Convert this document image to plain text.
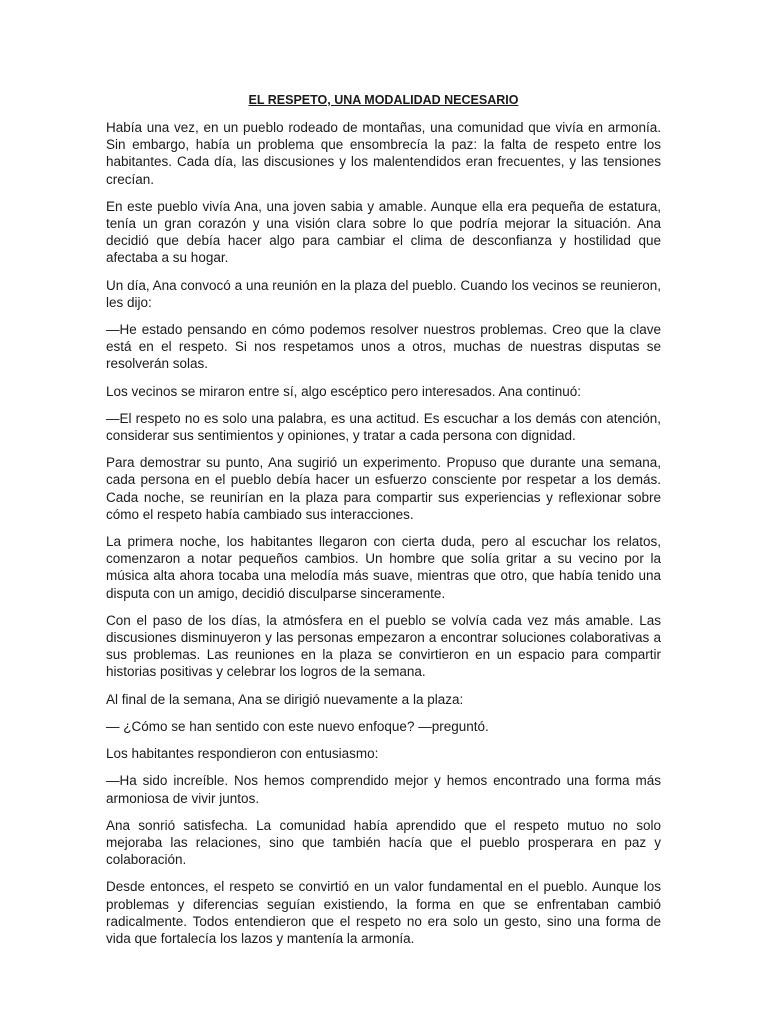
EL RESPETO, UNA MODALIDAD NECESARIO

Había una vez, en un pueblo rodeado de montañas, una comunidad que vivía en armonía. Sin embargo, había un problema que ensombrecía la paz: la falta de respeto entre los habitantes. Cada día, las discusiones y los malentendidos eran frecuentes, y las tensiones crecían.

En este pueblo vivía Ana, una joven sabia y amable. Aunque ella era pequeña de estatura, tenía un gran corazón y una visión clara sobre lo que podría mejorar la situación. Ana decidió que debía hacer algo para cambiar el clima de desconfianza y hostilidad que afectaba a su hogar.

Un día, Ana convocó a una reunión en la plaza del pueblo. Cuando los vecinos se reunieron, les dijo:

—He estado pensando en cómo podemos resolver nuestros problemas. Creo que la clave está en el respeto. Si nos respetamos unos a otros, muchas de nuestras disputas se resolverán solas.

Los vecinos se miraron entre sí, algo escéptico pero interesados. Ana continuó:

—El respeto no es solo una palabra, es una actitud. Es escuchar a los demás con atención, considerar sus sentimientos y opiniones, y tratar a cada persona con dignidad.

Para demostrar su punto, Ana sugirió un experimento. Propuso que durante una semana, cada persona en el pueblo debía hacer un esfuerzo consciente por respetar a los demás. Cada noche, se reunirían en la plaza para compartir sus experiencias y reflexionar sobre cómo el respeto había cambiado sus interacciones.

La primera noche, los habitantes llegaron con cierta duda, pero al escuchar los relatos, comenzaron a notar pequeños cambios. Un hombre que solía gritar a su vecino por la música alta ahora tocaba una melodía más suave, mientras que otro, que había tenido una disputa con un amigo, decidió disculparse sinceramente.

Con el paso de los días, la atmósfera en el pueblo se volvía cada vez más amable. Las discusiones disminuyeron y las personas empezaron a encontrar soluciones colaborativas a sus problemas. Las reuniones en la plaza se convirtieron en un espacio para compartir historias positivas y celebrar los logros de la semana.

Al final de la semana, Ana se dirigió nuevamente a la plaza:

— ¿Cómo se han sentido con este nuevo enfoque? —preguntó.

Los habitantes respondieron con entusiasmo:

—Ha sido increíble. Nos hemos comprendido mejor y hemos encontrado una forma más armoniosa de vivir juntos.

Ana sonrió satisfecha. La comunidad había aprendido que el respeto mutuo no solo mejoraba las relaciones, sino que también hacía que el pueblo prosperara en paz y colaboración.

Desde entonces, el respeto se convirtió en un valor fundamental en el pueblo. Aunque los problemas y diferencias seguían existiendo, la forma en que se enfrentaban cambió radicalmente. Todos entendieron que el respeto no era solo un gesto, sino una forma de vida que fortalecía los lazos y mantenía la armonía.
